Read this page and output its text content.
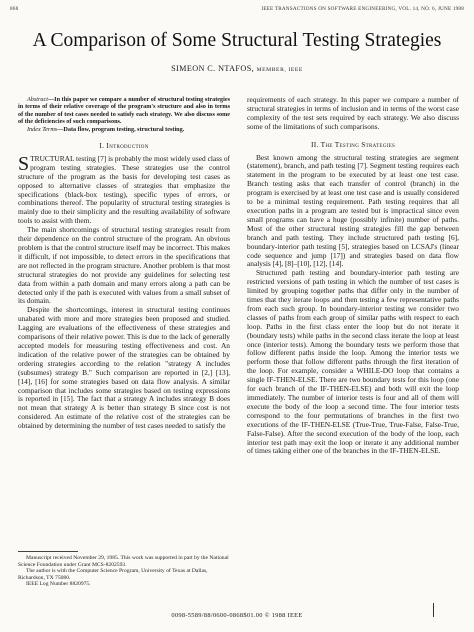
868	IEEE TRANSACTIONS ON SOFTWARE ENGINEERING, VOL. 14, NO. 6, JUNE 1988
A Comparison of Some Structural Testing Strategies
SIMEON C. NTAFOS, MEMBER, IEEE

Abstract—In this paper we compare a number of structural testing strategies in terms of their relative coverage of the program's structure and also in terms of the number of test cases needed to satisfy each strategy. We also discuss some of the deficiencies of such comparisons.

Index Terms—Data flow, program testing, structural testing.

I. Introduction

STRUCTURAL testing [7] is probably the most widely used class of program testing strategies. These strategies use the control structure of the program as the basis for developing test cases as opposed to alternative classes of strategies that emphasize the specifications (black-box testing), specific types of errors, or combinations thereof. The popularity of structural testing strategies is mainly due to their simplicity and the resulting availability of software tools to assist with them.

The main shortcomings of structural testing strategies result from their dependence on the control structure of the program. An obvious problem is that the control structure itself may be incorrect. This makes it difficult, if not impossible, to detect errors in the specifications that are not reflected in the program structure. Another problem is that most structural strategies do not provide any guidelines for selecting test data from within a path domain and many errors along a path can be detected only if the path is executed with values from a small subset of its domain.

Despite the shortcomings, interest in structural testing continues unabated with more and more strategies been proposed and studied. Lagging are evaluations of the effectiveness of these strategies and comparisons of their relative power. This is due to the lack of generally accepted models for measuring testing effectiveness and cost. An indication of the relative power of the strategies can be obtained by ordering strategies according to the relation "strategy A includes (subsumes) strategy B." Such comparison are reported in [2,] [13], [14], [16] for some strategies based on data flow analysis. A similar comparison that includes some strategies based on testing expressions is reported in [15]. The fact that a strategy A includes strategy B does not mean that strategy A is better than strategy B since cost is not considered. An estimate of the relative cost of the strategies can be obtained by determining the number of test cases needed to satisfy the

Manuscript received November 29, 1985. This work was supported in part by the National Science Foundation under Grant MCS-8202593.

The author is with the Computer Science Program, University of Texas at Dallas, Richardson, TX 75080.

IEEE Log Number 8820975.

requirements of each strategy. In this paper we compare a number of structural strategies in terms of inclusion and in terms of the worst case complexity of the test sets required by each strategy. We also discuss some of the limitations of such comparisons.

II. The Testing Strategies

Best known among the structural testing strategies are segment (statement), branch, and path testing [7]. Segment testing requires each statement in the program to be executed by at least one test case. Branch testing asks that each transfer of control (branch) in the program is exercised by at least one test case and is usually considered to be a minimal testing requirement. Path testing requires that all execution paths in a program are tested but is impractical since even small programs can have a huge (possibly infinite) number of paths. Most of the other structural testing strategies fill the gap between branch and path testing. They include structured path testing [6], boundary-interior path testing [5], strategies based on LCSAJ's (linear code sequence and jump [17]) and strategies based on data flow analysis [4], [8]–[10], [12], [14].

Structured path testing and boundary-interior path testing are restricted versions of path testing in which the number of test cases is limited by grouping together paths that differ only in the number of times that they iterate loops and then testing a few representative paths from each such group. In boundary-interior testing we consider two classes of paths from each group of similar paths with respect to each loop. Paths in the first class enter the loop but do not iterate it (boundary tests) while paths in the second class iterate the loop at least once (interior tests). Among the boundary tests we perform those that follow different paths inside the loop. Among the interior tests we perform those that follow different paths through the first iteration of the loop. For example, consider a WHILE-DO loop that contains a single IF-THEN-ELSE. There are two boundary tests for this loop (one for each branch of the IF-THEN-ELSE) and both will exit the loop immediately. The number of interior tests is four and all of them will execute the body of the loop a second time. The four interior tests correspond to the four permutations of branches in the first two executions of the IF-THEN-ELSE (True-True, True-False, False-True, False-False). After the second execution of the body of the loop, each interior test path may exit the loop or iterate it any additional number of times taking either one of the branches in the IF-THEN-ELSE.

0098-5589/88/0600-0868$01.00 © 1988 IEEE
